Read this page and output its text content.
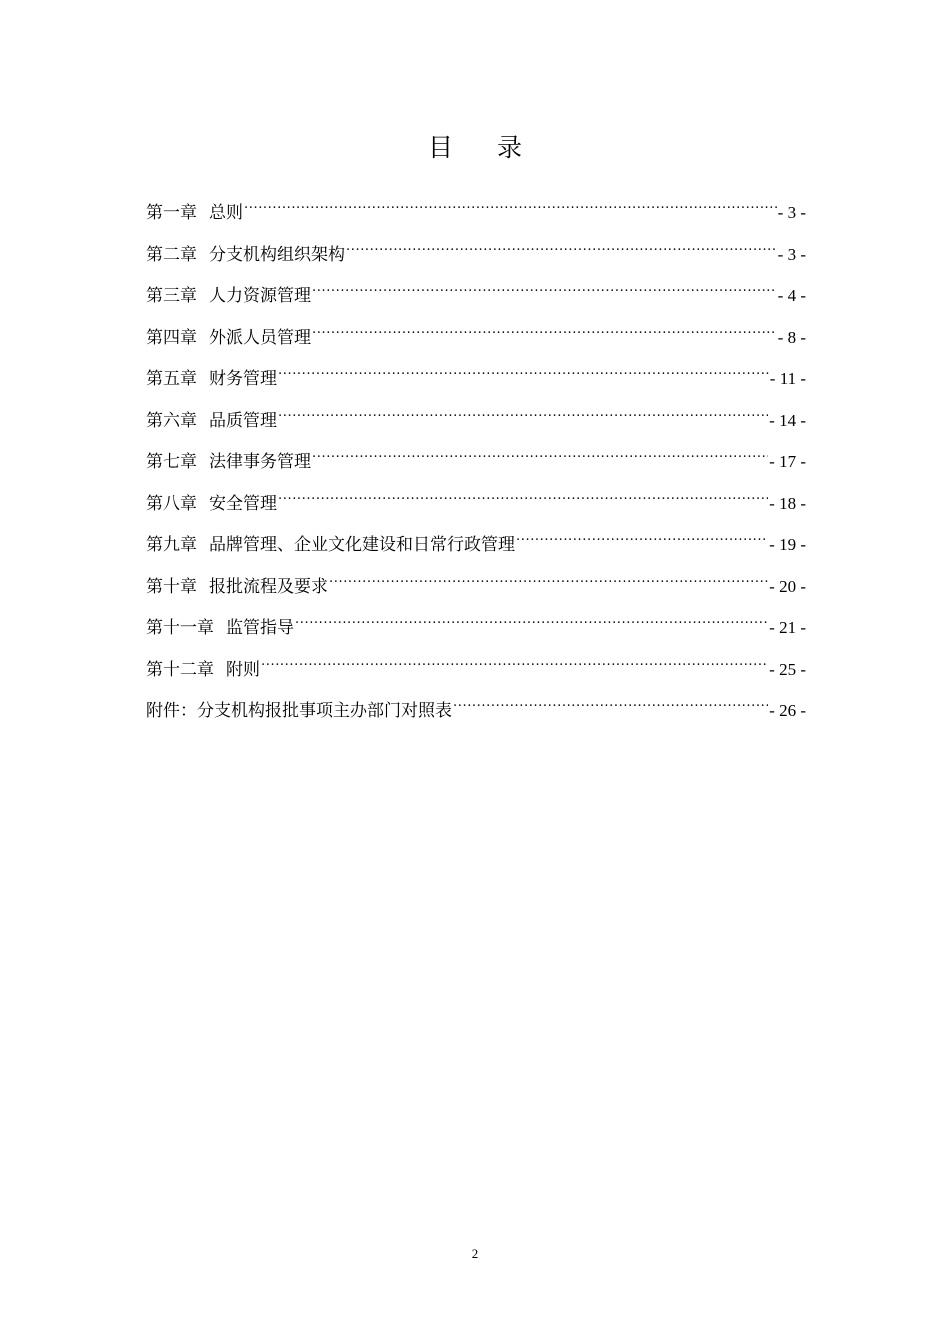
目 录
第一章 总则 .....	- 3 -
第二章 分支机构组织架构 .....	- 3 -
第三章 人力资源管理 .....	- 4 -
第四章 外派人员管理 .....	- 8 -
第五章 财务管理 .....	- 11 -
第六章 品质管理 .....	- 14 -
第七章 法律事务管理 .....	- 17 -
第八章 安全管理 .....	- 18 -
第九章 品牌管理、企业文化建设和日常行政管理 .....	- 19 -
第十章 报批流程及要求 .....	- 20 -
第十一章 监管指导 .....	- 21 -
第十二章 附则 .....	- 25 -
附件： 分支机构报批事项主办部门对照表 .....	- 26 -
2
